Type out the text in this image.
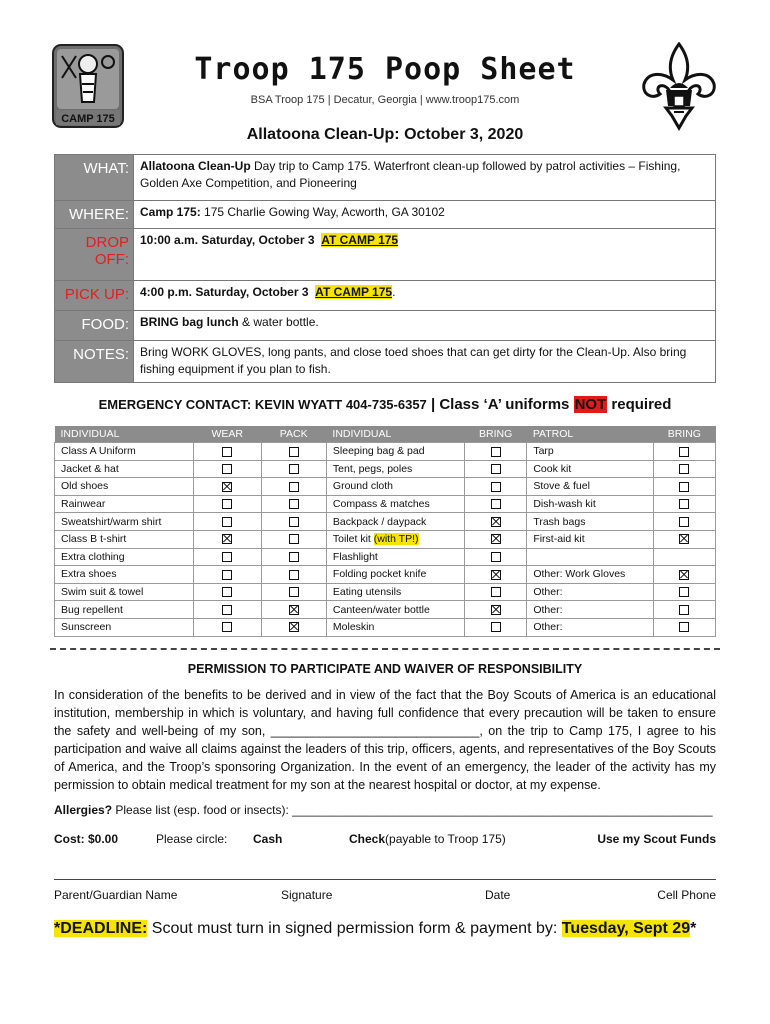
CAMP 175
Troop 175 Poop Sheet
BSA Troop 175 | Decatur, Georgia | www.troop175.com
Allatoona Clean-Up: October 3, 2020
WHAT:	Allatoona Clean-Up Day trip to Camp 175. Waterfront clean-up followed by patrol activities – Fishing, Golden Axe Competition, and Pioneering
WHERE:	Camp 175: 175 Charlie Gowing Way, Acworth, GA 30102
DROP OFF:	10:00 a.m. Saturday, October 3 AT CAMP 175
PICK UP:	4:00 p.m. Saturday, October 3 AT CAMP 175.
FOOD:	BRING bag lunch & water bottle.
NOTES:	Bring WORK GLOVES, long pants, and close toed shoes that can get dirty for the Clean-Up. Also bring fishing equipment if you plan to fish.
EMERGENCY CONTACT: KEVIN WYATT 404-735-6357 | Class ‘A’ uniforms NOT required
INDIVIDUAL	WEAR	PACK	INDIVIDUAL	BRING	PATROL	BRING
Class A Uniform			Sleeping bag & pad		Tarp	
Jacket & hat			Tent, pegs, poles		Cook kit	
Old shoes			Ground cloth		Stove & fuel	
Rainwear			Compass & matches		Dish-wash kit	
Sweatshirt/warm shirt			Backpack / daypack		Trash bags	
Class B t-shirt			Toilet kit (with TP!)		First-aid kit	
Extra clothing			Flashlight			
Extra shoes			Folding pocket knife		Other: Work Gloves	
Swim suit & towel			Eating utensils		Other:	
Bug repellent			Canteen/water bottle		Other:	
Sunscreen			Moleskin		Other:	
PERMISSION TO PARTICIPATE AND WAIVER OF RESPONSIBILITY
In consideration of the benefits to be derived and in view of the fact that the Boy Scouts of America is an educational institution, membership in which is voluntary, and having full confidence that every precaution will be taken to ensure the safety and well-being of my son, ______________________________, on the trip to Camp 175, I agree to his participation and waive all claims against the leaders of this trip, officers, agents, and representatives of the Boy Scouts of America, and the Troop’s sponsoring Organization. In the event of an emergency, the leader of the activity has my permission to obtain medical treatment for my son at the nearest hospital or doctor, at my expense.
Allergies? Please list (esp. food or insects): _______________________________________________________________
Cost: $0.00	Please circle: Cash	Check (payable to Troop 175)	Use my Scout Funds
Parent/Guardian Name	Signature	Date	Cell Phone
*DEADLINE: Scout must turn in signed permission form & payment by: Tuesday, Sept 29*
